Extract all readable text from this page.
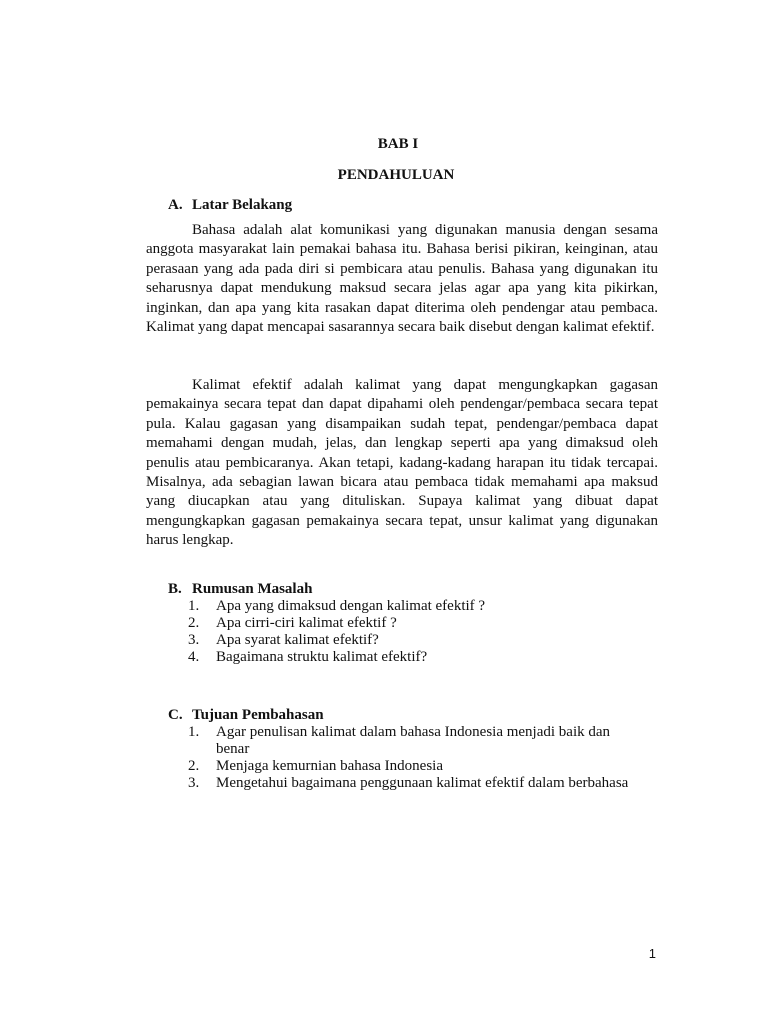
BAB I

PENDAHULUAN

A. Latar Belakang

Bahasa adalah alat komunikasi yang digunakan manusia dengan sesama anggota masyarakat lain pemakai bahasa itu. Bahasa berisi pikiran, keinginan, atau perasaan yang ada pada diri si pembicara atau penulis. Bahasa yang digunakan itu seharusnya dapat mendukung maksud secara jelas agar apa yang kita pikirkan, inginkan, dan apa yang kita rasakan dapat diterima oleh pendengar atau pembaca. Kalimat yang dapat mencapai sasarannya secara baik disebut dengan kalimat efektif.

Kalimat efektif adalah kalimat yang dapat mengungkapkan gagasan pemakainya secara tepat dan dapat dipahami oleh pendengar/pembaca secara tepat pula. Kalau gagasan yang disampaikan sudah tepat, pendengar/pembaca dapat memahami dengan mudah, jelas, dan lengkap seperti apa yang dimaksud oleh penulis atau pembicaranya. Akan tetapi, kadang-kadang harapan itu tidak tercapai. Misalnya, ada sebagian lawan bicara atau pembaca tidak memahami apa maksud yang diucapkan atau yang dituliskan. Supaya kalimat yang dibuat dapat mengungkapkan gagasan pemakainya secara tepat, unsur kalimat yang digunakan harus lengkap.

B. Rumusan Masalah

1.	Apa yang dimaksud dengan kalimat efektif ?
2.	Apa cirri-ciri kalimat efektif ?
3.	Apa syarat kalimat efektif?
4.	Bagaimana struktu kalimat efektif?

C. Tujuan Pembahasan

1.	Agar penulisan kalimat dalam bahasa Indonesia menjadi baik dan benar
2.	Menjaga kemurnian bahasa Indonesia
3.	Mengetahui bagaimana penggunaan kalimat efektif dalam berbahasa

1
